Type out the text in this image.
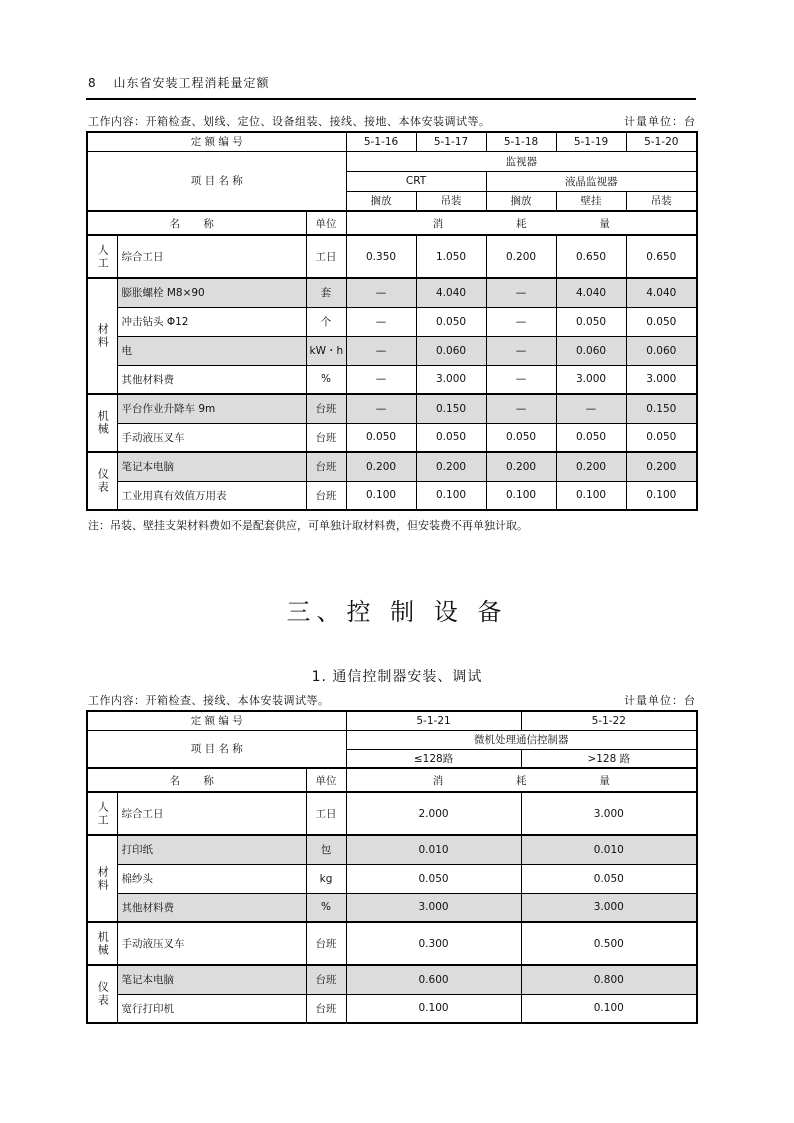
8 山东省安装工程消耗量定额
工作内容：开箱检查、划线、定位、设备组装、接线、接地、本体安装调试等。	计量单位：台
定 额 编 号			5-1-16	5-1-17	5-1-18	5-1-19	5-1-20
项 目 名 称			监视器				
			CRT		液晶监视器		
			搁放	吊装	搁放	壁挂	吊装
名 称		单位	消 耗 量				
人工	综合工日	工日	0.350	1.050	0.200	0.650	0.650
材料	膨胀螺栓 M8×90	套	—	4.040	—	4.040	4.040
	冲击钻头 Φ12	个	—	0.050	—	0.050	0.050
	电	kW・h	—	0.060	—	0.060	0.060
	其他材料费	%	—	3.000	—	3.000	3.000
机械	平台作业升降车 9m	台班	—	0.150	—	—	0.150
	手动液压叉车	台班	0.050	0.050	0.050	0.050	0.050
仪表	笔记本电脑	台班	0.200	0.200	0.200	0.200	0.200
	工业用真有效值万用表	台班	0.100	0.100	0.100	0.100	0.100
注：吊装、壁挂支架材料费如不是配套供应，可单独计取材料费，但安装费不再单独计取。
三、控 制 设 备
1. 通信控制器安装、调试
工作内容：开箱检查、接线、本体安装调试等。	计量单位：台
定 额 编 号			5-1-21	5-1-22
项 目 名 称			微机处理通信控制器	
			≤128路	>128 路
名 称		单位	消 耗 量	
人工	综合工日	工日	2.000	3.000
材料	打印纸	包	0.010	0.010
	棉纱头	kg	0.050	0.050
	其他材料费	%	3.000	3.000
机械	手动液压叉车	台班	0.300	0.500
仪表	笔记本电脑	台班	0.600	0.800
	宽行打印机	台班	0.100	0.100
